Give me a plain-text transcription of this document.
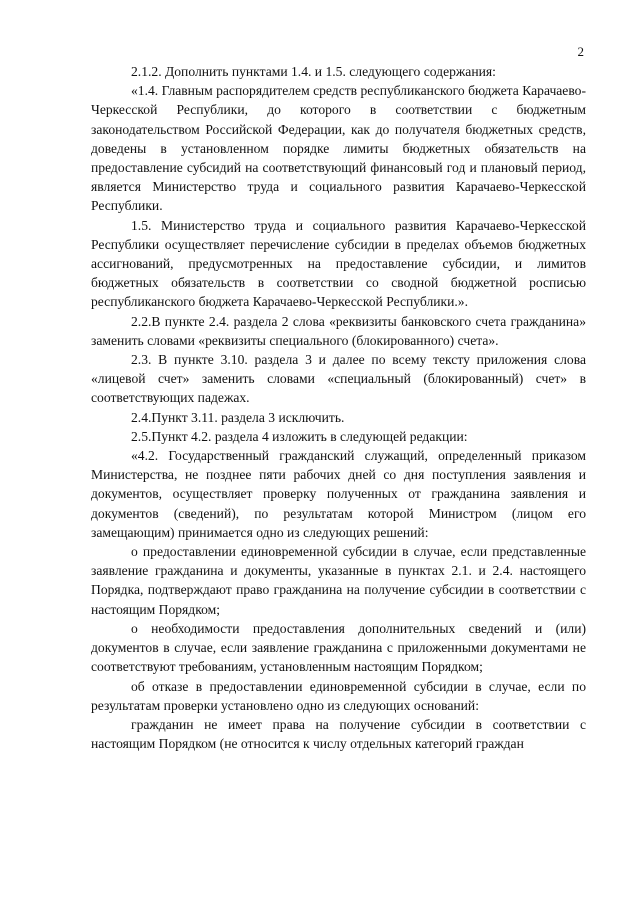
2

2.1.2. Дополнить пунктами 1.4. и 1.5. следующего содержания:

«1.4. Главным распорядителем средств республиканского бюджета Карачаево-Черкесской Республики, до которого в соответствии с бюджетным законодательством Российской Федерации, как до получателя бюджетных средств, доведены в установленном порядке лимиты бюджетных обязательств на предоставление субсидий на соответствующий финансовый год и плановый период, является Министерство труда и социального развития Карачаево-Черкесской Республики.

1.5. Министерство труда и социального развития Карачаево-Черкесской Республики осуществляет перечисление субсидии в пределах объемов бюджетных ассигнований, предусмотренных на предоставление субсидии, и лимитов бюджетных обязательств в соответствии со сводной бюджетной росписью республиканского бюджета Карачаево-Черкесской Республики.».

2.2.В пункте 2.4. раздела 2 слова «реквизиты банковского счета гражданина» заменить словами «реквизиты специального (блокированного) счета».

2.3. В пункте 3.10. раздела 3 и далее по всему тексту приложения слова «лицевой счет» заменить словами «специальный (блокированный) счет» в соответствующих падежах.

2.4.Пункт 3.11. раздела 3 исключить.

2.5.Пункт 4.2. раздела 4 изложить в следующей редакции:

«4.2. Государственный гражданский служащий, определенный приказом Министерства, не позднее пяти рабочих дней со дня поступления заявления и документов, осуществляет проверку полученных от гражданина заявления и документов (сведений), по результатам которой Министром (лицом его замещающим) принимается одно из следующих решений:

о предоставлении единовременной субсидии в случае, если представленные заявление гражданина и документы, указанные в пунктах 2.1. и 2.4. настоящего Порядка, подтверждают право гражданина на получение субсидии в соответствии с настоящим Порядком;

о необходимости предоставления дополнительных сведений и (или) документов в случае, если заявление гражданина с приложенными документами не соответствуют требованиям, установленным настоящим Порядком;

об отказе в предоставлении единовременной субсидии в случае, если по результатам проверки установлено одно из следующих оснований:

гражданин не имеет права на получение субсидии в соответствии с настоящим Порядком (не относится к числу отдельных категорий граждан
